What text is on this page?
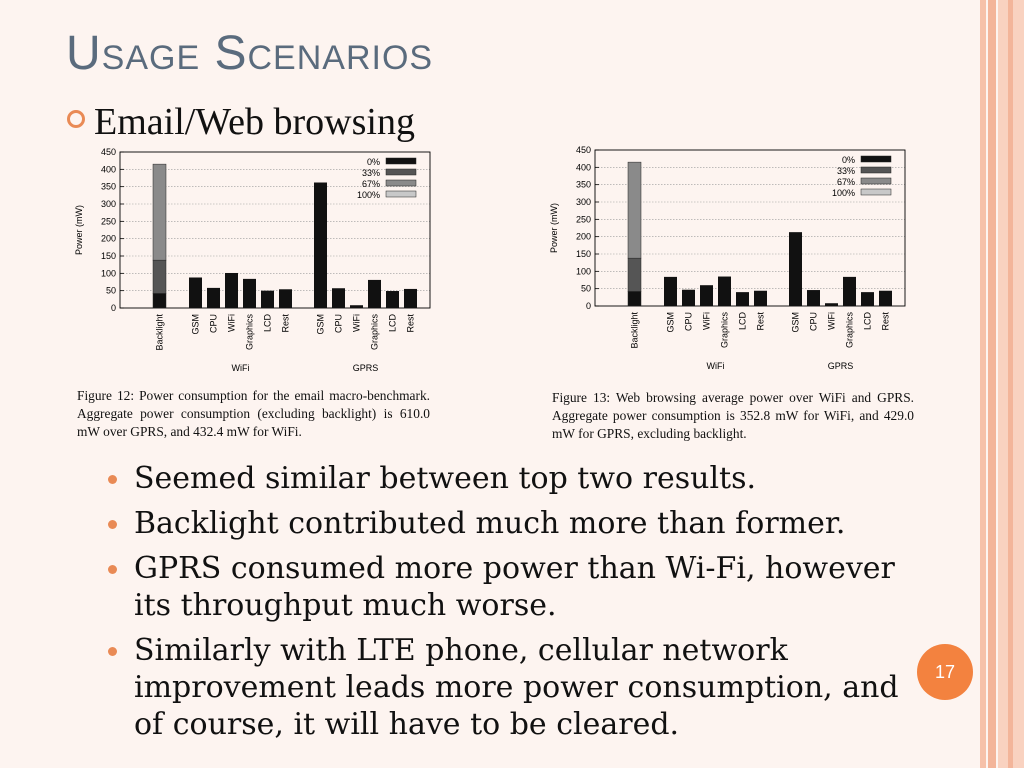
Usage Scenarios
Email/Web browsing
0
50
100
150
200
250
300
350
400
450
Power (mW)
Backlight	GSM CPU WiFi Graphics LCD Rest
WiFi
GSM CPU WiFi Graphics LCD Rest
GPRS
0%
33%
67%
100%
0
50
100
150
200
250
300
350
400
450
Power (mW)
Backlight	GSM CPU WiFi Graphics LCD Rest
WiFi
GSM CPU WiFi Graphics LCD Rest
GPRS
0%
33%
67%
100%
Figure 12: Power consumption for the email macro-benchmark. Aggregate power consumption (excluding backlight) is 610.0 mW over GPRS, and 432.4 mW for WiFi.
Figure 13: Web browsing average power over WiFi and GPRS. Aggregate power consumption is 352.8 mW for WiFi, and 429.0 mW for GPRS, excluding backlight.
Seemed similar between top two results.
Backlight contributed much more than former.
GPRS consumed more power than Wi-Fi, however its throughput much worse.
Similarly with LTE phone, cellular network improvement leads more power consumption, and of course, it will have to be cleared.
17
